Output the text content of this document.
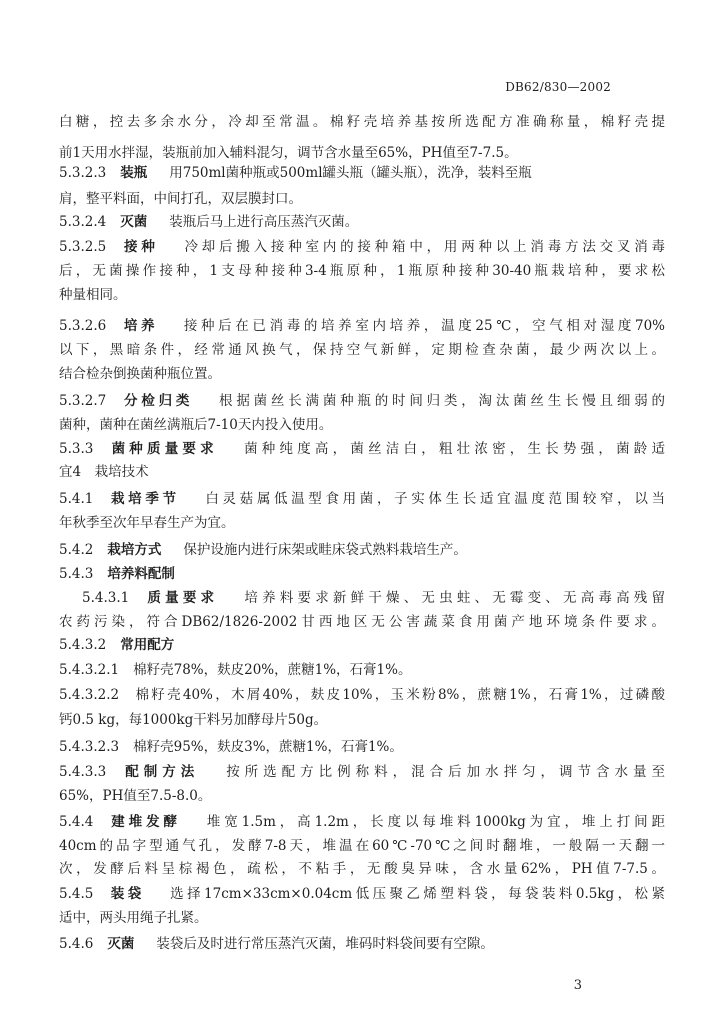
DB62/830—2002
白糖，控去多余水分，冷却至常温。棉籽壳培养基按所选配方准确称量，棉籽壳提
前1天用水拌湿，装瓶前加入辅料混匀，调节含水量至65%，PH值至7-7.5。
5.3.2.3 装瓶 用750ml菌种瓶或500ml罐头瓶（罐头瓶），洗净，装料至瓶
肩，整平料面，中间打孔，双层膜封口。
5.3.2.4 灭菌 装瓶后马上进行高压蒸汽灭菌。
5.3.2.5 接种 冷却后搬入接种室内的接种箱中，用两种以上消毒方法交叉消毒
后，无菌操作接种，1支母种接种3-4瓶原种，1瓶原种接种30-40瓶栽培种，要求松
种量相同。
5.3.2.6 培养 接种后在已消毒的培养室内培养，温度25℃，空气相对湿度70%
以下，黑暗条件，经常通风换气，保持空气新鲜，定期检查杂菌，最少两次以上。
结合检杂倒换菌种瓶位置。
5.3.2.7 分检归类 根据菌丝长满菌种瓶的时间归类，淘汰菌丝生长慢且细弱的
菌种，菌种在菌丝满瓶后7-10天内投入使用。
5.3.3 菌种质量要求 菌种纯度高，菌丝洁白，粗壮浓密，生长势强，菌龄适
宜4　栽培技术
5.4.1 栽培季节 白灵菇属低温型食用菌，子实体生长适宜温度范围较窄，以当
年秋季至次年早春生产为宜。
5.4.2 栽培方式 保护设施内进行床架或畦床袋式熟料栽培生产。
5.4.3 培养料配制
5.4.3.1 质量要求 培养料要求新鲜干燥、无虫蛀、无霉变、无高毒高残留
农药污染，符合DB62/1826-2002甘西地区无公害蔬菜食用菌产地环境条件要求。
5.4.3.2 常用配方
5.4.3.2.1 棉籽壳78%，麸皮20%，蔗糖1%，石膏1%。
5.4.3.2.2 棉籽壳40%，木屑40%，麸皮10%，玉米粉8%，蔗糖1%，石膏1%，过磷酸
钙0.5 kg，每1000kg干料另加酵母片50g。
5.4.3.2.3 棉籽壳95%，麸皮3%，蔗糖1%，石膏1%。
5.4.3.3 配制方法 按所选配方比例称料，混合后加水拌匀，调节含水量至
65%，PH值至7.5-8.0。
5.4.4 建堆发酵 堆宽1.5m，高1.2m，长度以每堆料1000kg为宜，堆上打间距
40cm的品字型通气孔，发酵7-8天，堆温在60℃-70℃之间时翻堆，一般隔一天翻一
次，发酵后料呈棕褐色，疏松，不粘手，无酸臭异味，含水量62%，PH值7-7.5。
5.4.5 装袋 选择17cm×33cm×0.04cm低压聚乙烯塑料袋，每袋装料0.5kg，松紧
适中，两头用绳子扎紧。
5.4.6 灭菌 装袋后及时进行常压蒸汽灭菌，堆码时料袋间要有空隙。
3
